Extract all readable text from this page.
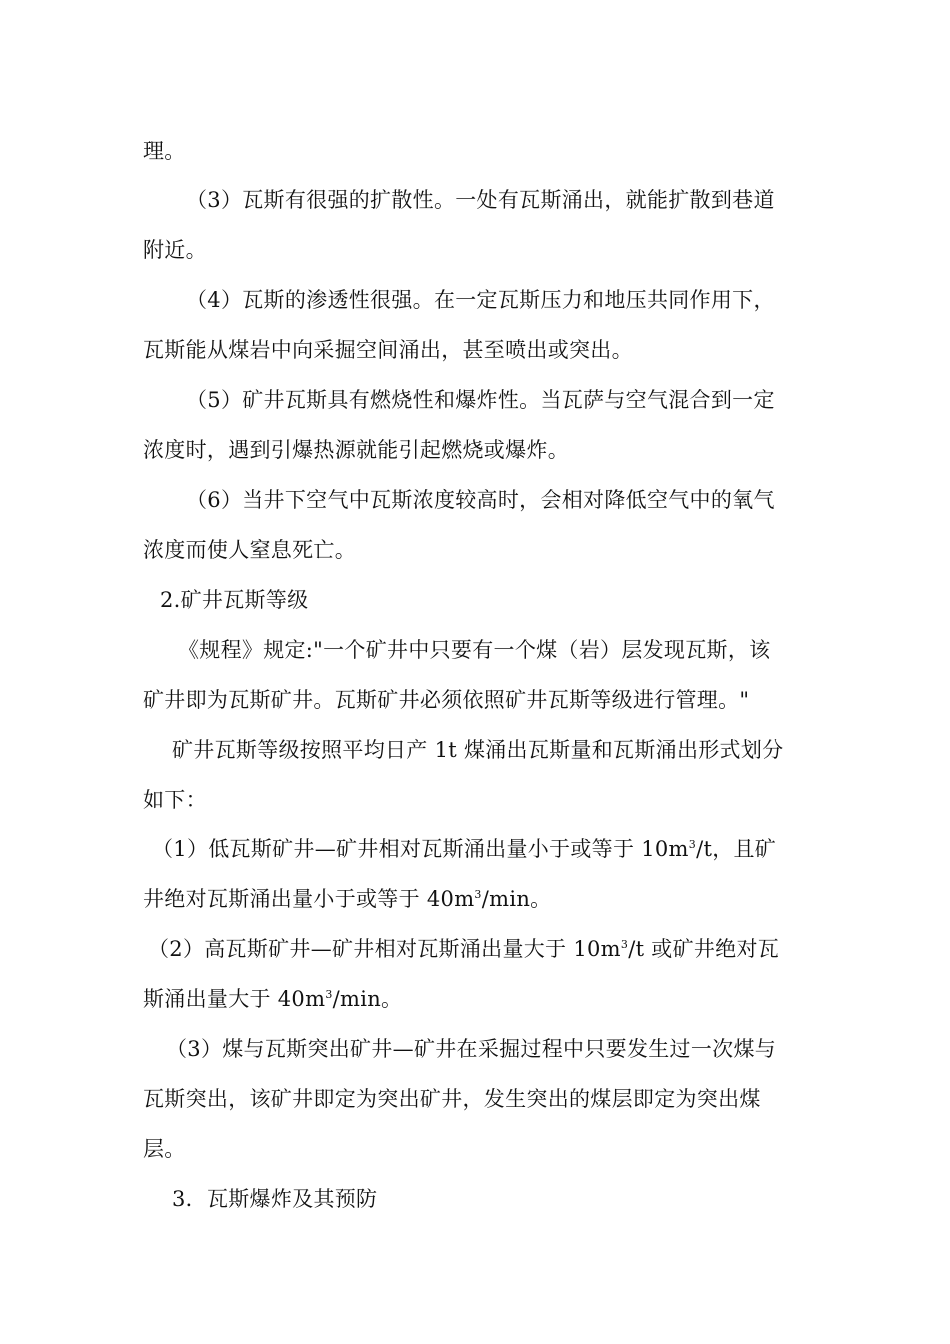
理。
（3）瓦斯有很强的扩散性。一处有瓦斯涌出，就能扩散到巷道
附近。
（4）瓦斯的渗透性很强。在一定瓦斯压力和地压共同作用下，
瓦斯能从煤岩中向采掘空间涌出，甚至喷出或突出。
（5）矿井瓦斯具有燃烧性和爆炸性。当瓦萨与空气混合到一定
浓度时，遇到引爆热源就能引起燃烧或爆炸。
（6）当井下空气中瓦斯浓度较高时，会相对降低空气中的氧气
浓度而使人窒息死亡。
2.矿井瓦斯等级
《规程》规定:"一个矿井中只要有一个煤（岩）层发现瓦斯，该
矿井即为瓦斯矿井。瓦斯矿井必须依照矿井瓦斯等级进行管理。"
矿井瓦斯等级按照平均日产 1t 煤涌出瓦斯量和瓦斯涌出形式划分
如下：
（1）低瓦斯矿井—矿井相对瓦斯涌出量小于或等于 $10m^3/t$，且矿
井绝对瓦斯涌出量小于或等于 $40m^3/\min$。
（2）高瓦斯矿井—矿井相对瓦斯涌出量大于 $10m^3/t$ 或矿井绝对瓦
斯涌出量大于 $40m^3/\min$。
（3）煤与瓦斯突出矿井—矿井在采掘过程中只要发生过一次煤与
瓦斯突出，该矿井即定为突出矿井，发生突出的煤层即定为突出煤
层。
3．瓦斯爆炸及其预防
